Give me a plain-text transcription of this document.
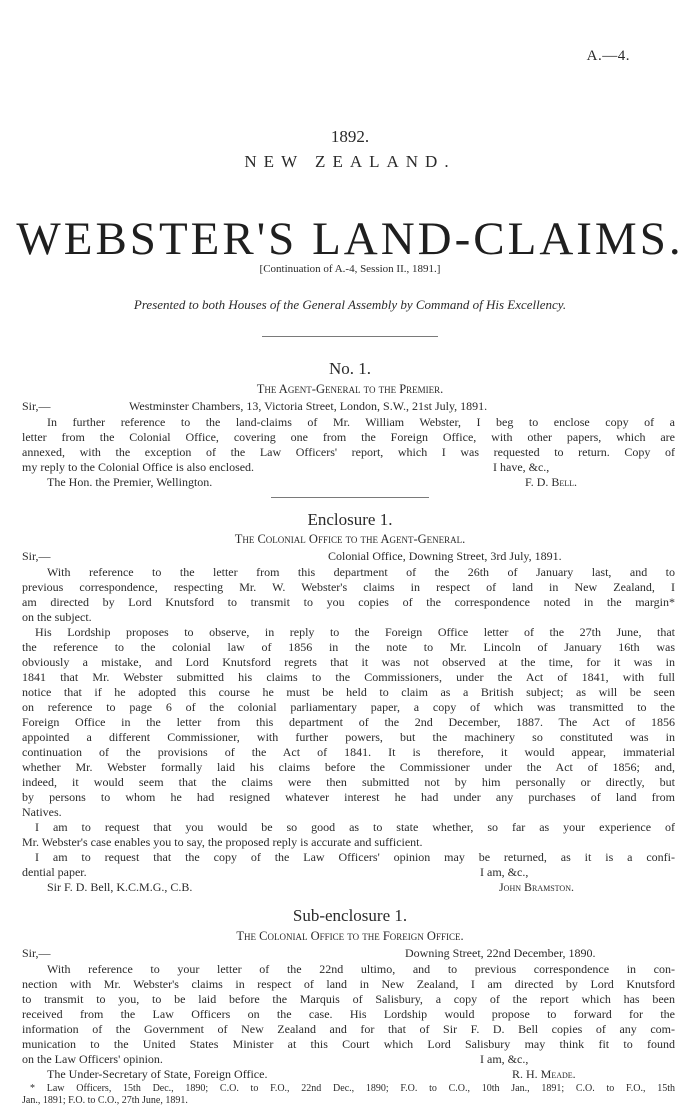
A.—4.
1892.
NEW ZEALAND.
WEBSTER'S LAND-CLAIMS.
[Continuation of A.-4, Session II., 1891.]
Presented to both Houses of the General Assembly by Command of His Excellency.
No. 1.
The Agent-General to the Premier.
Sir,—	Westminster Chambers, 13, Victoria Street, London, S.W., 21st July, 1891.
In further reference to the land-claims of Mr. William Webster, I beg to enclose copy of a
letter from the Colonial Office, covering one from the Foreign Office, with other papers, which are
annexed, with the exception of the Law Officers' report, which I was requested to return. Copy of
my reply to the Colonial Office is also enclosed.	I have, &c.,
The Hon. the Premier, Wellington.	F. D. Bell.
Enclosure 1.
The Colonial Office to the Agent-General.
Sir,—	Colonial Office, Downing Street, 3rd July, 1891.
With reference to the letter from this department of the 26th of January last, and to
previous correspondence, respecting Mr. W. Webster's claims in respect of land in New Zealand, I
am directed by Lord Knutsford to transmit to you copies of the correspondence noted in the margin*
on the subject.
His Lordship proposes to observe, in reply to the Foreign Office letter of the 27th June, that
the reference to the colonial law of 1856 in the note to Mr. Lincoln of January 16th was
obviously a mistake, and Lord Knutsford regrets that it was not observed at the time, for it was in
1841 that Mr. Webster submitted his claims to the Commissioners, under the Act of 1841, with full
notice that if he adopted this course he must be held to claim as a British subject; as will be seen
on reference to page 6 of the colonial parliamentary paper, a copy of which was transmitted to the
Foreign Office in the letter from this department of the 2nd December, 1887. The Act of 1856
appointed a different Commissioner, with further powers, but the machinery so constituted was in
continuation of the provisions of the Act of 1841. It is therefore, it would appear, immaterial
whether Mr. Webster formally laid his claims before the Commissioner under the Act of 1856; and,
indeed, it would seem that the claims were then submitted not by him personally or directly, but
by persons to whom he had resigned whatever interest he had under any purchases of land from
Natives.
I am to request that you would be so good as to state whether, so far as your experience of
Mr. Webster's case enables you to say, the proposed reply is accurate and sufficient.
I am to request that the copy of the Law Officers' opinion may be returned, as it is a confi-
dential paper.	I am, &c.,
Sir F. D. Bell, K.C.M.G., C.B.	John Bramston.
Sub-enclosure 1.
The Colonial Office to the Foreign Office.
Sir,—	Downing Street, 22nd December, 1890.
With reference to your letter of the 22nd ultimo, and to previous correspondence in con-
nection with Mr. Webster's claims in respect of land in New Zealand, I am directed by Lord Knutsford
to transmit to you, to be laid before the Marquis of Salisbury, a copy of the report which has been
received from the Law Officers on the case. His Lordship would propose to forward for the
information of the Government of New Zealand and for that of Sir F. D. Bell copies of any com-
munication to the United States Minister at this Court which Lord Salisbury may think fit to found
on the Law Officers' opinion.	I am, &c.,
The Under-Secretary of State, Foreign Office.	R. H. Meade.
* Law Officers, 15th Dec., 1890; C.O. to F.O., 22nd Dec., 1890; F.O. to C.O., 10th Jan., 1891; C.O. to F.O., 15th
Jan., 1891; F.O. to C.O., 27th June, 1891.
